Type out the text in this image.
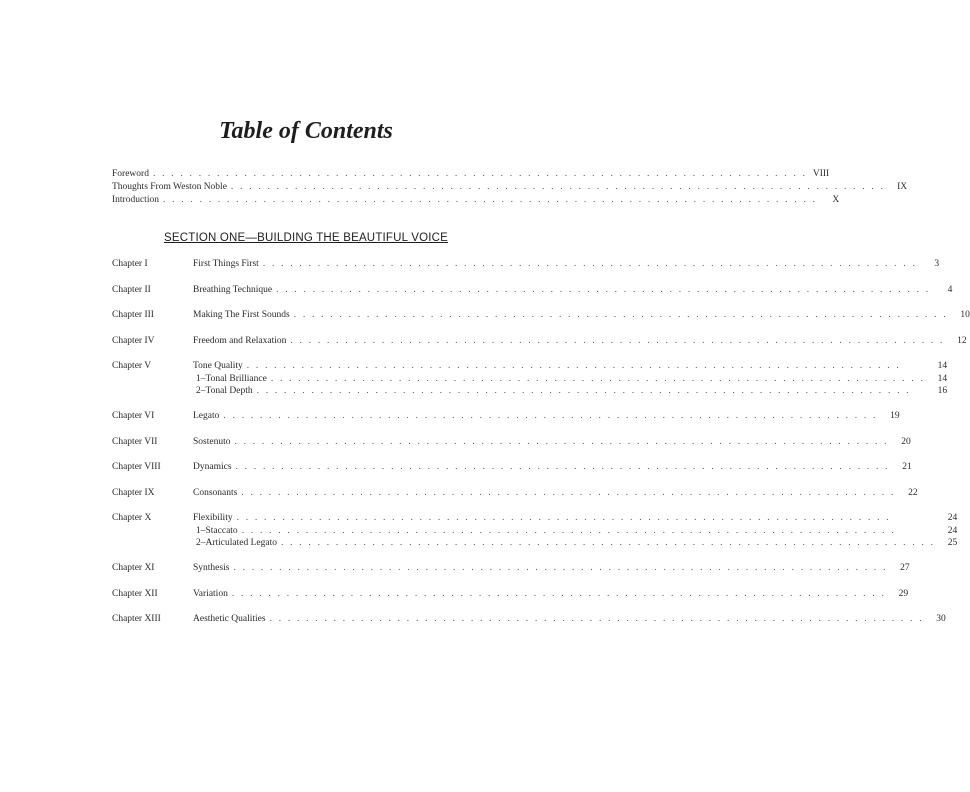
Table of Contents
Foreword . . .	VIII
Thoughts From Weston Noble . . .	IX
Introduction . . .	X
SECTION ONE—BUILDING THE BEAUTIFUL VOICE
Chapter I	First Things First . . .	3
Chapter II	Breathing Technique . . .	4
Chapter III	Making The First Sounds . . .	10
Chapter IV	Freedom and Relaxation . . .	12
Chapter V	Tone Quality . . .	14
1–Tonal Brilliance . . .	14
2–Tonal Depth . . .	16
Chapter VI	Legato . . .	19
Chapter VII	Sostenuto . . .	20
Chapter VIII	Dynamics . . .	21
Chapter IX	Consonants . . .	22
Chapter X	Flexibility . . .	24
1–Staccato . . .	24
2–Articulated Legato . . .	25
Chapter XI	Synthesis . . .	27
Chapter XII	Variation . . .	29
Chapter XIII	Aesthetic Qualities . . .	30
